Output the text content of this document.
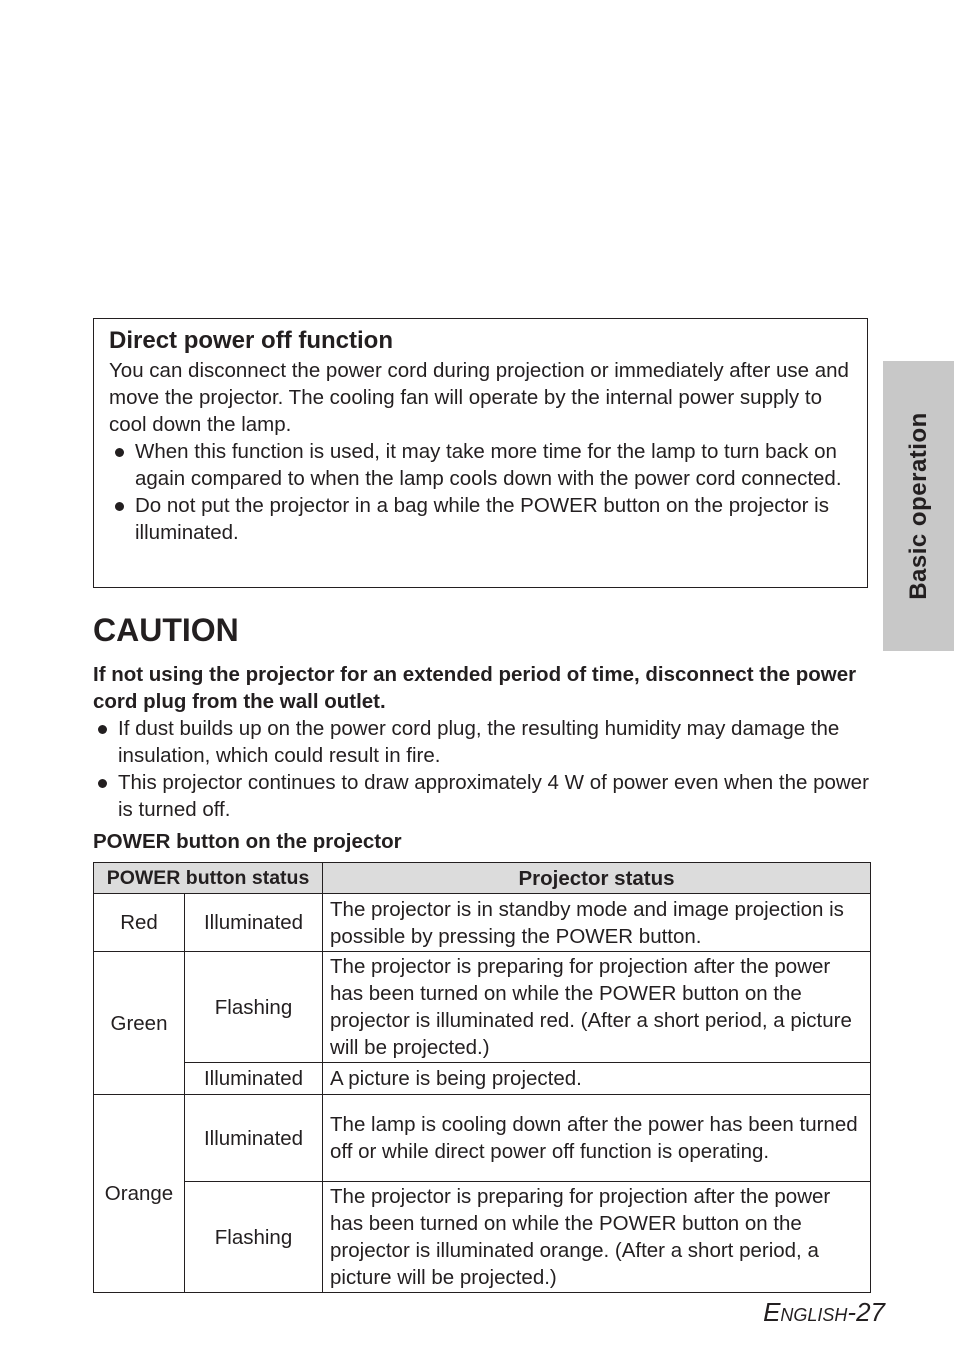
Basic operation
Direct power off function

You can disconnect the power cord during projection or immediately after use and move the projector. The cooling fan will operate by the internal power supply to cool down the lamp.

When this function is used, it may take more time for the lamp to turn back on again compared to when the lamp cools down with the power cord connected.
Do not put the projector in a bag while the POWER button on the projector is illuminated.
CAUTION

If not using the projector for an extended period of time, disconnect the power cord plug from the wall outlet.

If dust builds up on the power cord plug, the resulting humidity may damage the insulation, which could result in fire.
This projector continues to draw approximately 4 W of power even when the power is turned off.

POWER button on the projector

POWER button status		Projector status
Red	Illuminated	The projector is in standby mode and image projection is possible by pressing the POWER button.
Green	Flashing	The projector is preparing for projection after the power has been turned on while the POWER button on the projector is illuminated red. (After a short period, a picture will be projected.)
	Illuminated	A picture is being projected.
Orange	Illuminated	The lamp is cooling down after the power has been turned off or while direct power off function is operating.
	Flashing	The projector is preparing for projection after the power has been turned on while the POWER button on the projector is illuminated orange. (After a short period, a picture will be projected.)
English-27
